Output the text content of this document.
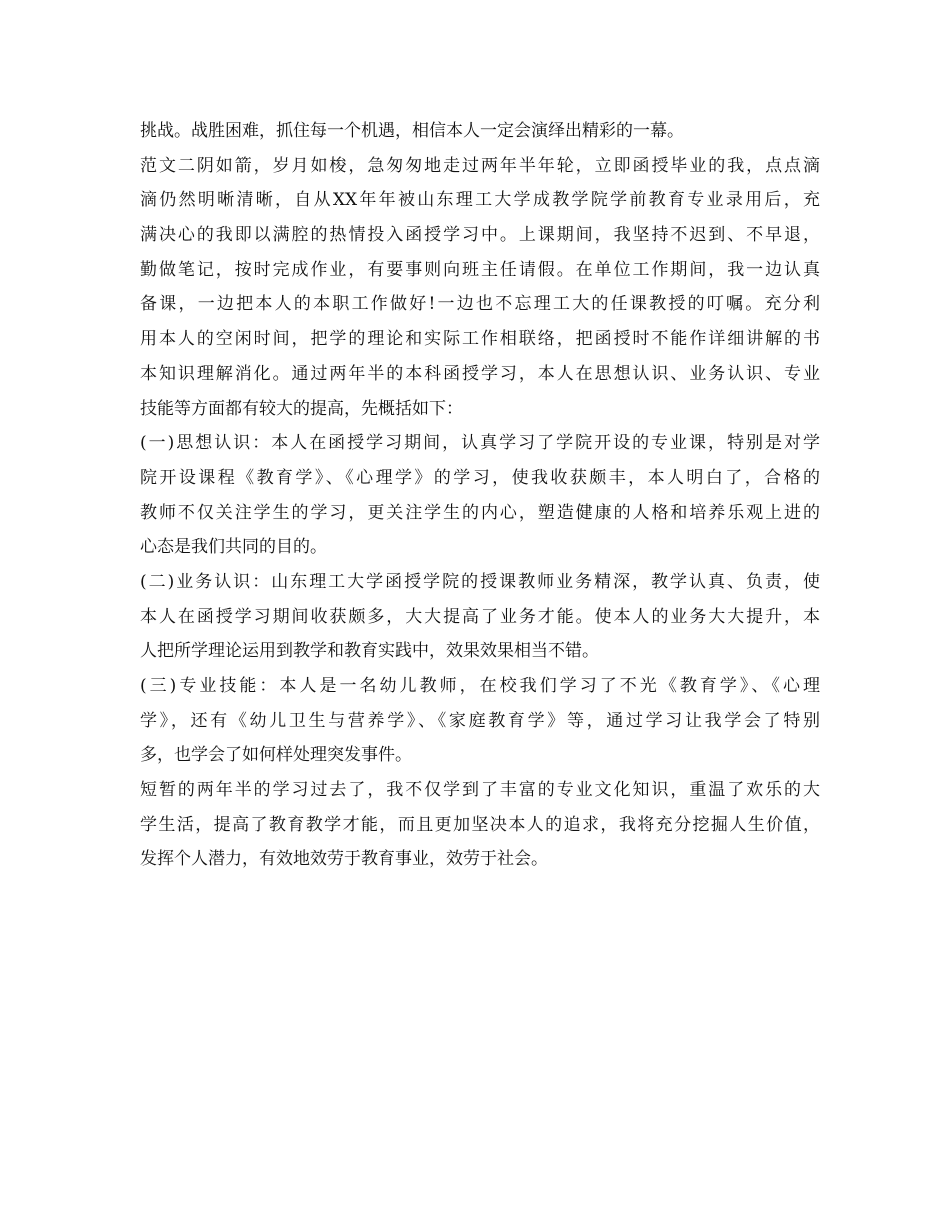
挑战。战胜困难，抓住每一个机遇，相信本人一定会演绎出精彩的一幕。
范文二阴如箭，岁月如梭，急匆匆地走过两年半年轮，立即函授毕业的我，点点滴
滴仍然明晰清晰，自从XX年年被山东理工大学成教学院学前教育专业录用后，充
满决心的我即以满腔的热情投入函授学习中。上课期间，我坚持不迟到、不早退，
勤做笔记，按时完成作业，有要事则向班主任请假。在单位工作期间，我一边认真
备课，一边把本人的本职工作做好!一边也不忘理工大的任课教授的叮嘱。充分利
用本人的空闲时间，把学的理论和实际工作相联络，把函授时不能作详细讲解的书
本知识理解消化。通过两年半的本科函授学习，本人在思想认识、业务认识、专业
技能等方面都有较大的提高，先概括如下：
(一)思想认识：本人在函授学习期间，认真学习了学院开设的专业课，特别是对学
院开设课程《教育学》、《心理学》的学习，使我收获颇丰，本人明白了，合格的
教师不仅关注学生的学习，更关注学生的内心，塑造健康的人格和培养乐观上进的
心态是我们共同的目的。
(二)业务认识：山东理工大学函授学院的授课教师业务精深，教学认真、负责，使
本人在函授学习期间收获颇多，大大提高了业务才能。使本人的业务大大提升，本
人把所学理论运用到教学和教育实践中，效果效果相当不错。
(三)专业技能：本人是一名幼儿教师，在校我们学习了不光《教育学》、《心理
学》，还有《幼儿卫生与营养学》、《家庭教育学》等，通过学习让我学会了特别
多，也学会了如何样处理突发事件。
短暂的两年半的学习过去了，我不仅学到了丰富的专业文化知识，重温了欢乐的大
学生活，提高了教育教学才能，而且更加坚决本人的追求，我将充分挖掘人生价值，
发挥个人潜力，有效地效劳于教育事业，效劳于社会。
